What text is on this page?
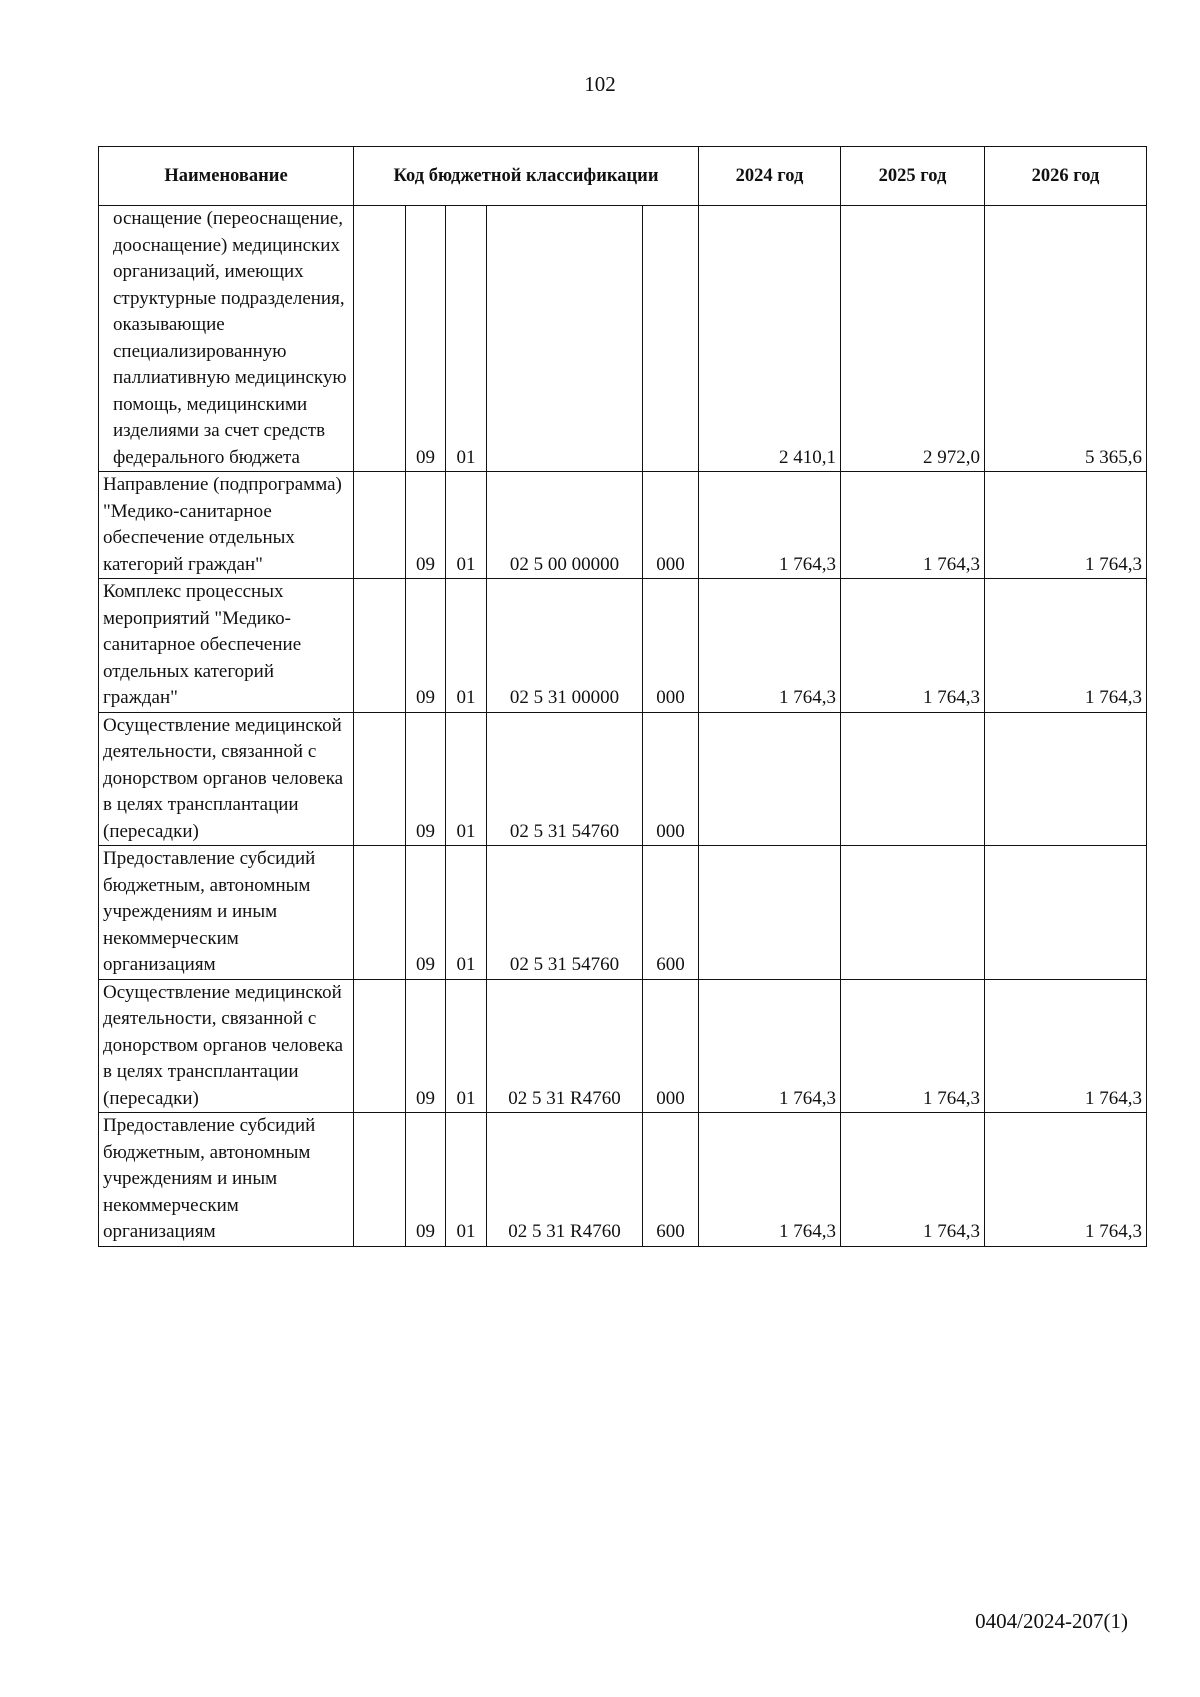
102
Наименование	Код бюджетной классификации					2024 год	2025 год	2026 год
оснащение (переоснащение, дооснащение) медицинских организаций, имеющих структурные подразделения, оказывающие специализированную паллиативную медицинскую помощь, медицинскими изделиями за счет средств федерального бюджета		09	01			2 410,1	2 972,0	5 365,6
Направление (подпрограмма) "Медико-санитарное обеспечение отдельных категорий граждан"		09	01	02 5 00 00000	000	1 764,3	1 764,3	1 764,3
Комплекс процессных мероприятий "Медико-санитарное обеспечение отдельных категорий граждан"		09	01	02 5 31 00000	000	1 764,3	1 764,3	1 764,3
Осуществление медицинской деятельности, связанной с донорством органов человека в целях трансплантации (пересадки)		09	01	02 5 31 54760	000			
Предоставление субсидий бюджетным, автономным учреждениям и иным некоммерческим организациям		09	01	02 5 31 54760	600			
Осуществление медицинской деятельности, связанной с донорством органов человека в целях трансплантации (пересадки)		09	01	02 5 31 R4760	000	1 764,3	1 764,3	1 764,3
Предоставление субсидий бюджетным, автономным учреждениям и иным некоммерческим организациям		09	01	02 5 31 R4760	600	1 764,3	1 764,3	1 764,3
0404/2024-207(1)
